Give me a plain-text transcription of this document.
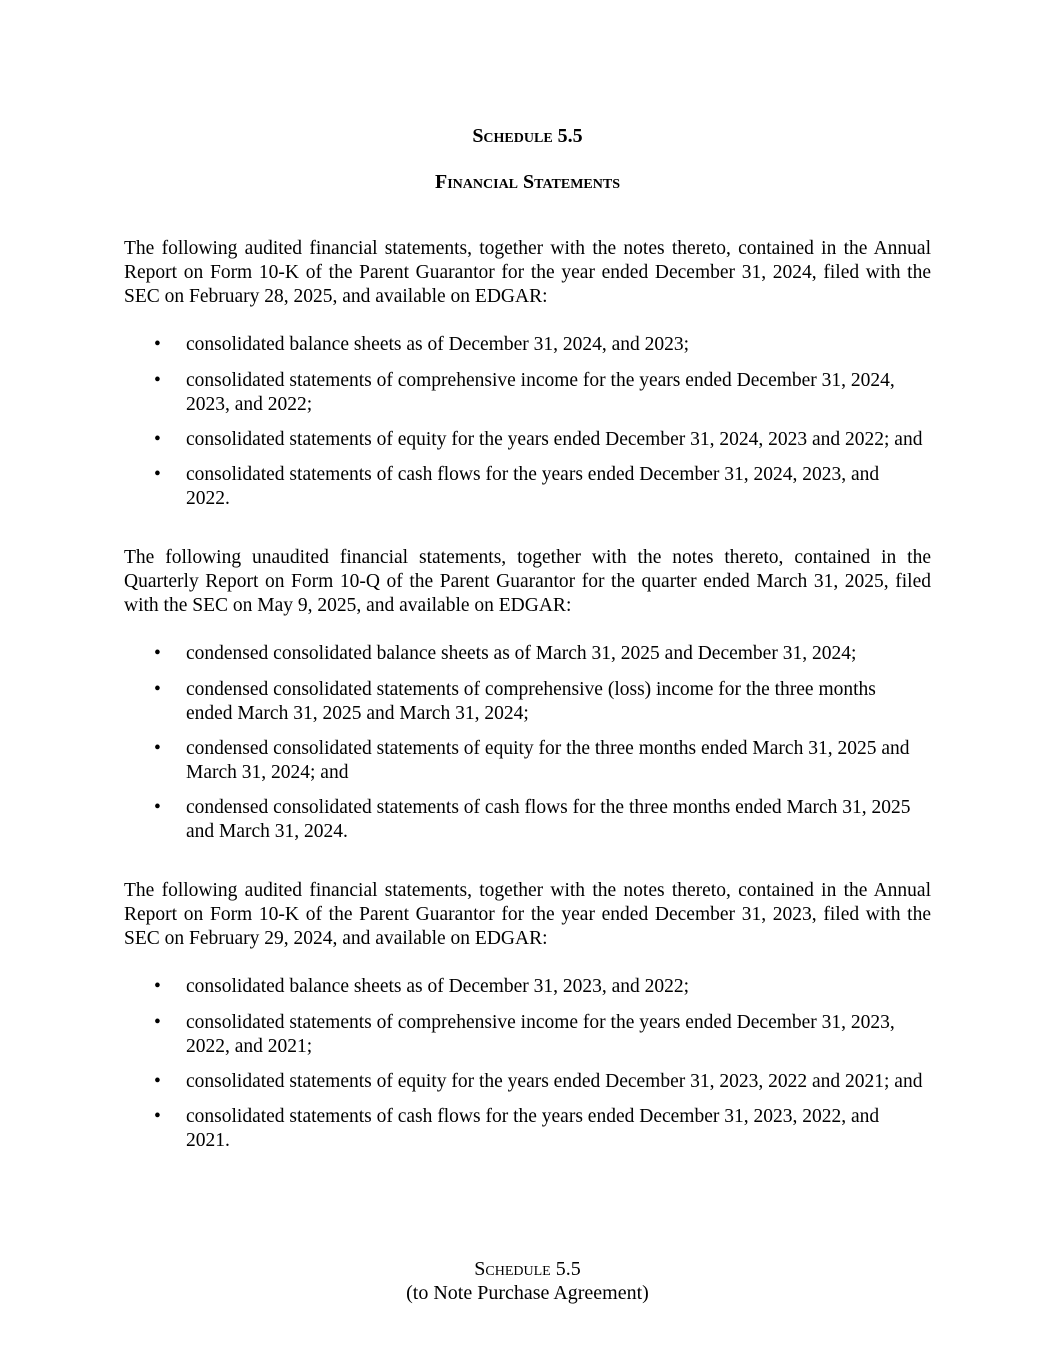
Schedule 5.5
Financial Statements

The following audited financial statements, together with the notes thereto, contained in the Annual Report on Form 10-K of the Parent Guarantor for the year ended December 31, 2024, filed with the SEC on February 28, 2025, and available on EDGAR:

• consolidated balance sheets as of December 31, 2024, and 2023;
• consolidated statements of comprehensive income for the years ended December 31, 2024, 2023, and 2022;
• consolidated statements of equity for the years ended December 31, 2024, 2023 and 2022; and
• consolidated statements of cash flows for the years ended December 31, 2024, 2023, and 2022.

The following unaudited financial statements, together with the notes thereto, contained in the Quarterly Report on Form 10-Q of the Parent Guarantor for the quarter ended March 31, 2025, filed with the SEC on May 9, 2025, and available on EDGAR:

• condensed consolidated balance sheets as of March 31, 2025 and December 31, 2024;
• condensed consolidated statements of comprehensive (loss) income for the three months ended March 31, 2025 and March 31, 2024;
• condensed consolidated statements of equity for the three months ended March 31, 2025 and March 31, 2024; and
• condensed consolidated statements of cash flows for the three months ended March 31, 2025 and March 31, 2024.

The following audited financial statements, together with the notes thereto, contained in the Annual Report on Form 10-K of the Parent Guarantor for the year ended December 31, 2023, filed with the SEC on February 29, 2024, and available on EDGAR:

• consolidated balance sheets as of December 31, 2023, and 2022;
• consolidated statements of comprehensive income for the years ended December 31, 2023, 2022, and 2021;
• consolidated statements of equity for the years ended December 31, 2023, 2022 and 2021; and
• consolidated statements of cash flows for the years ended December 31, 2023, 2022, and 2021.
Schedule 5.5
(to Note Purchase Agreement)
